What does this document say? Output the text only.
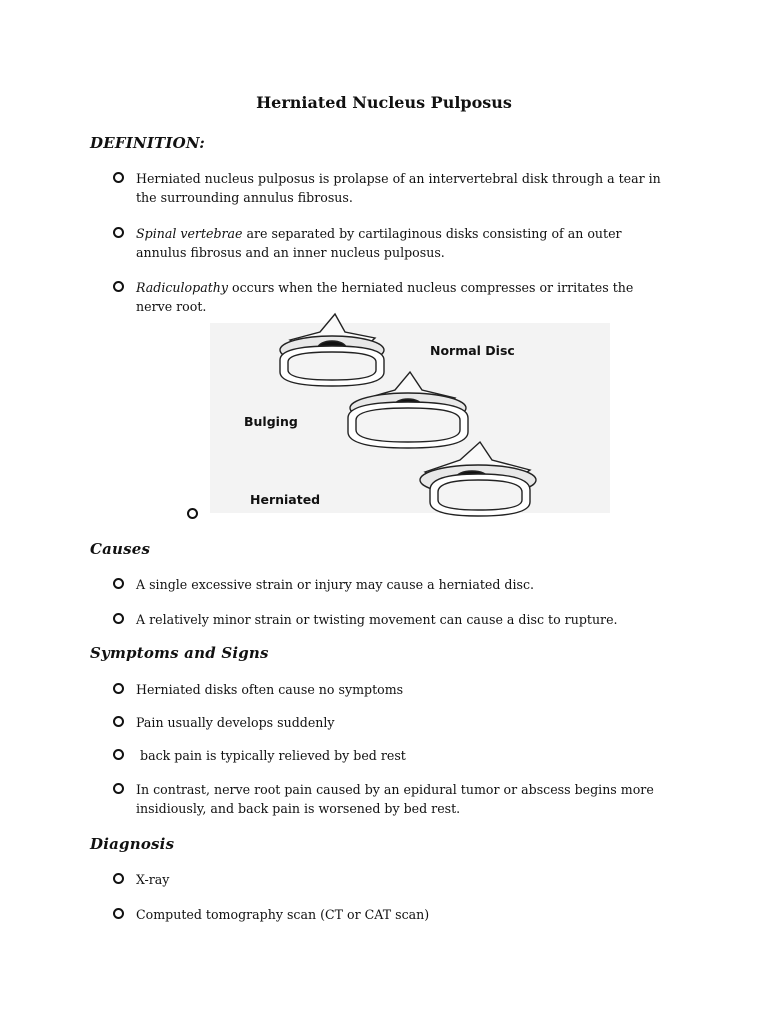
Herniated Nucleus Pulposus
DEFINITION:
Herniated nucleus pulposus is prolapse of an intervertebral disk through a tear in the surrounding annulus fibrosus.
Spinal vertebrae are separated by cartilaginous disks consisting of an outer annulus fibrosus and an inner nucleus pulposus.
Radiculopathy occurs when the herniated nucleus compresses or irritates the nerve root.
Normal Disc
Bulging
Herniated
Causes
A single excessive strain or injury may cause a herniated disc.
A relatively minor strain or twisting movement can cause a disc to rupture.
Symptoms and Signs
Herniated disks often cause no symptoms
Pain usually develops suddenly
back pain is typically relieved by bed rest
In contrast, nerve root pain caused by an epidural tumor or abscess begins more insidiously, and back pain is worsened by bed rest.
Diagnosis
X-ray
Computed tomography scan (CT or CAT scan)
